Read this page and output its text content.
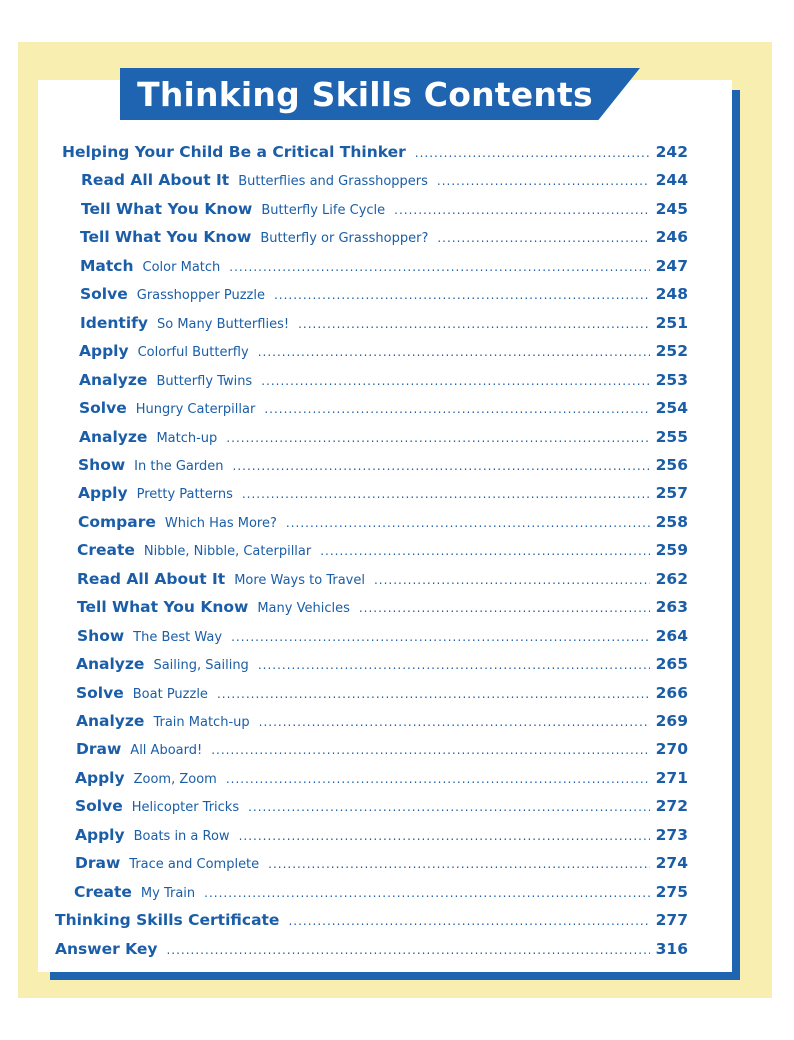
Thinking Skills Contents
Helping Your Child Be a Critical Thinker .....	242
Read All About It Butterflies and Grasshoppers .....	244
Tell What You Know Butterfly Life Cycle .....	245
Tell What You Know Butterfly or Grasshopper? .....	246
Match Color Match .....	247
Solve Grasshopper Puzzle .....	248
Identify So Many Butterflies! .....	251
Apply Colorful Butterfly .....	252
Analyze Butterfly Twins .....	253
Solve Hungry Caterpillar .....	254
Analyze Match-up .....	255
Show In the Garden .....	256
Apply Pretty Patterns .....	257
Compare Which Has More? .....	258
Create Nibble, Nibble, Caterpillar .....	259
Read All About It More Ways to Travel .....	262
Tell What You Know Many Vehicles .....	263
Show The Best Way .....	264
Analyze Sailing, Sailing .....	265
Solve Boat Puzzle .....	266
Analyze Train Match-up .....	269
Draw All Aboard! .....	270
Apply Zoom, Zoom .....	271
Solve Helicopter Tricks .....	272
Apply Boats in a Row .....	273
Draw Trace and Complete .....	274
Create My Train .....	275
Thinking Skills Certificate .....	277
Answer Key .....	316
